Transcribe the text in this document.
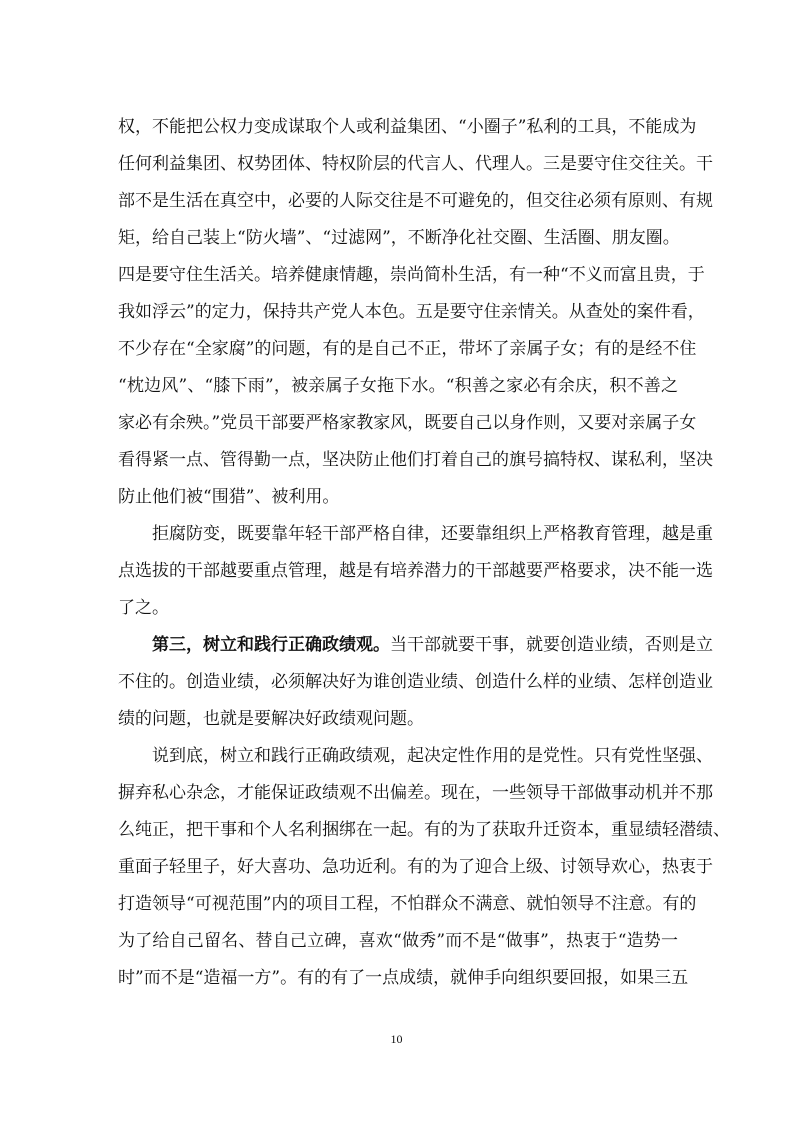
权，不能把公权力变成谋取个人或利益集团、“小圈子”私利的工具，不能成为
任何利益集团、权势团体、特权阶层的代言人、代理人。三是要守住交往关。干
部不是生活在真空中，必要的人际交往是不可避免的，但交往必须有原则、有规
矩，给自己装上“防火墙”、“过滤网”，不断净化社交圈、生活圈、朋友圈。
四是要守住生活关。培养健康情趣，崇尚简朴生活，有一种“不义而富且贵，于
我如浮云”的定力，保持共产党人本色。五是要守住亲情关。从查处的案件看，
不少存在“全家腐”的问题，有的是自己不正，带坏了亲属子女；有的是经不住
“枕边风”、“膝下雨”，被亲属子女拖下水。“积善之家必有余庆，积不善之
家必有余殃。”党员干部要严格家教家风，既要自己以身作则，又要对亲属子女
看得紧一点、管得勤一点，坚决防止他们打着自己的旗号搞特权、谋私利，坚决
防止他们被“围猎”、被利用。
拒腐防变，既要靠年轻干部严格自律，还要靠组织上严格教育管理，越是重
点选拔的干部越要重点管理，越是有培养潜力的干部越要严格要求，决不能一选
了之。
第三，树立和践行正确政绩观。当干部就要干事，就要创造业绩，否则是立
不住的。创造业绩，必须解决好为谁创造业绩、创造什么样的业绩、怎样创造业
绩的问题，也就是要解决好政绩观问题。
说到底，树立和践行正确政绩观，起决定性作用的是党性。只有党性坚强、
摒弃私心杂念，才能保证政绩观不出偏差。现在，一些领导干部做事动机并不那
么纯正，把干事和个人名利捆绑在一起。有的为了获取升迁资本，重显绩轻潜绩、
重面子轻里子，好大喜功、急功近利。有的为了迎合上级、讨领导欢心，热衷于
打造领导“可视范围”内的项目工程，不怕群众不满意、就怕领导不注意。有的
为了给自己留名、替自己立碑，喜欢“做秀”而不是“做事”，热衷于“造势一
时”而不是“造福一方”。有的有了一点成绩，就伸手向组织要回报，如果三五
10
